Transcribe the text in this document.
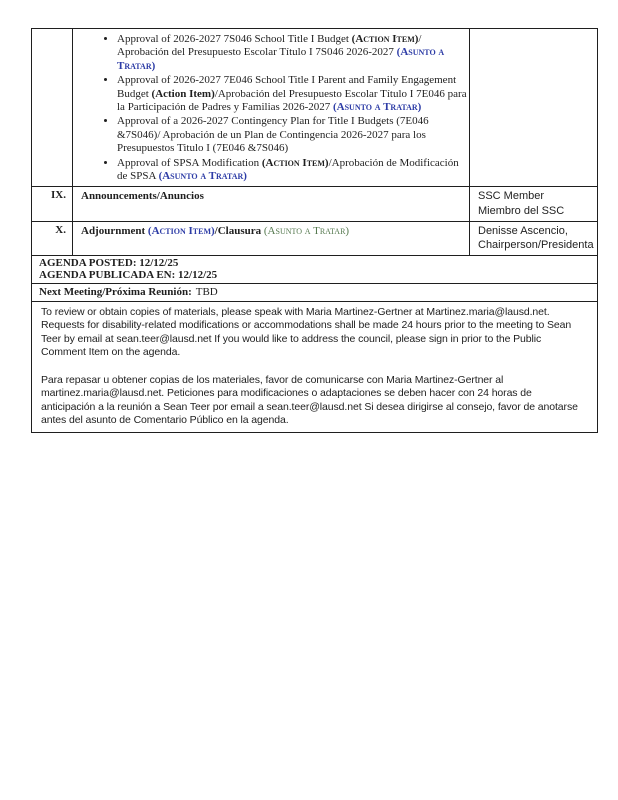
• Approval of 2026-2027 7S046 School Title I Budget (Action Item)/ Aprobación del Presupuesto Escolar Título I 7S046 2026-2027 (Asunto a Tratar)
• Approval of 2026-2027 7E046 School Title I Parent and Family Engagement Budget (Action Item)/Aprobación del Presupuesto Escolar Título I 7E046 para la Participación de Padres y Familias 2026-2027 (Asunto a Tratar)
• Approval of a 2026-2027 Contingency Plan for Title I Budgets (7E046 &7S046)/ Aprobación de un Plan de Contingencia 2026-2027 para los Presupuestos Titulo I (7E046 &7S046)
• Approval of SPSA Modification (Action Item)/Aprobación de Modificación de SPSA (Asunto a Tratar)
IX.	Announcements/Anuncios	SSC Member
Miembro del SSC
X.	Adjournment (Action Item)/Clausura (Asunto a Tratar)	Denisse Ascencio,
Chairperson/Presidenta
AGENDA POSTED: 12/12/25
AGENDA PUBLICADA EN: 12/12/25
Next Meeting/Próxima Reunión: TBD

To review or obtain copies of materials, please speak with Maria Martinez-Gertner at Martinez.maria@lausd.net. Requests for disability-related modifications or accommodations shall be made 24 hours prior to the meeting to Sean Teer by email at sean.teer@lausd.net If you would like to address the council, please sign in prior to the Public Comment Item on the agenda.

Para repasar u obtener copias de los materiales, favor de comunicarse con Maria Martinez-Gertner al martinez.maria@lausd.net. Peticiones para modificaciones o adaptaciones se deben hacer con 24 horas de anticipación a la reunión a Sean Teer por email a sean.teer@lausd.net Si desea dirigirse al consejo, favor de anotarse antes del asunto de Comentario Público en la agenda.
